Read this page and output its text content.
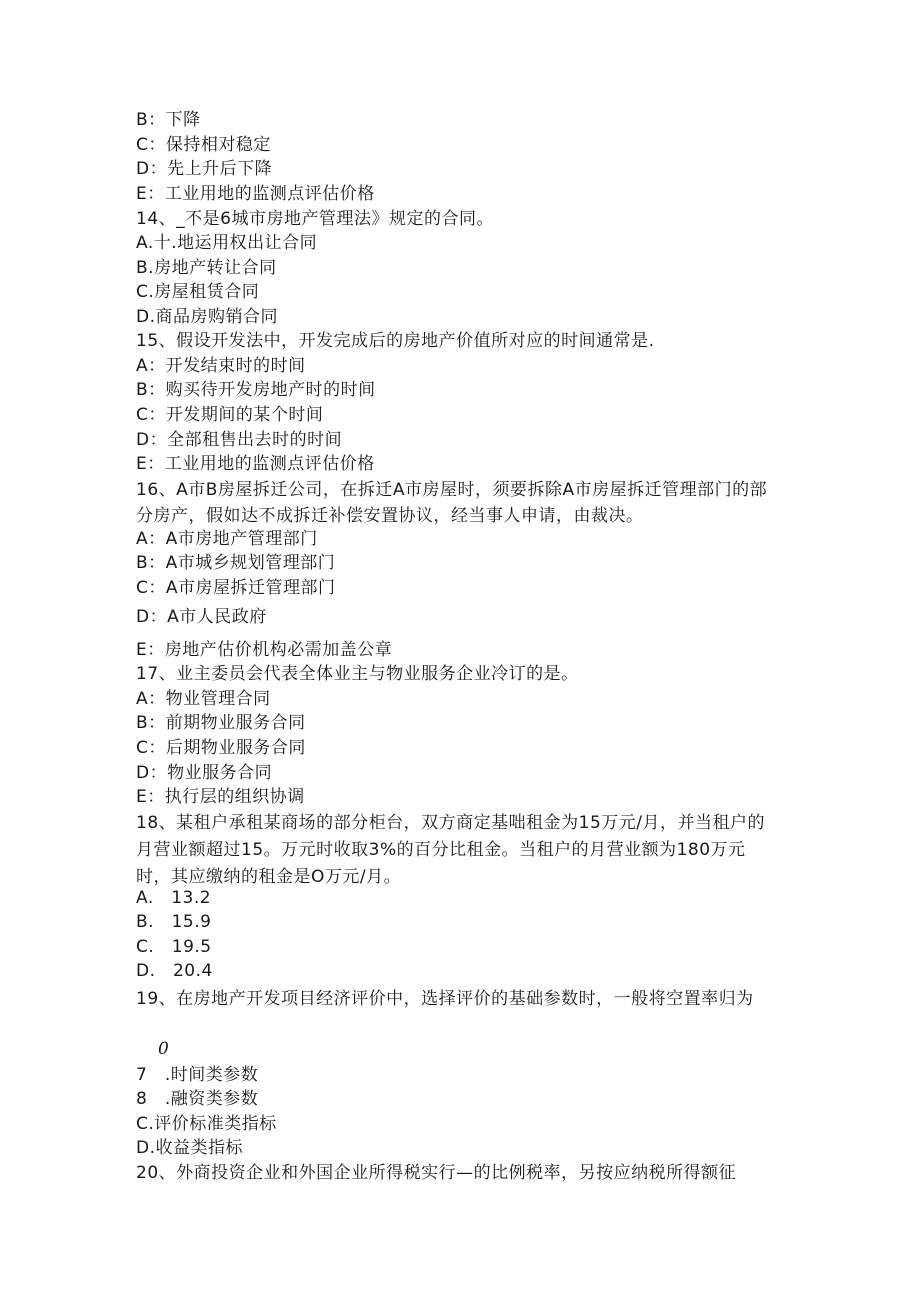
B：下降
C：保持相对稳定
D：先上升后下降
E：工业用地的监测点评估价格
14、_不是6城市房地产管理法》规定的合同。
A.十.地运用权出让合同
B.房地产转让合同
C.房屋租赁合同
D.商品房购销合同
15、假设开发法中，开发完成后的房地产价值所对应的时间通常是.
A：开发结束时的时间
B：购买待开发房地产时的时间
C：开发期间的某个时间
D：全部租售出去时的时间
E：工业用地的监测点评估价格
16、A市B房屋拆迁公司，在拆迁A市房屋时，须要拆除A市房屋拆迁管理部门的部分房产，假如达不成拆迁补偿安置协议，经当事人申请，由裁决。
A：A市房地产管理部门
B：A市城乡规划管理部门
C：A市房屋拆迁管理部门
D：A市人民政府
E：房地产估价机构必需加盖公章
17、业主委员会代表全体业主与物业服务企业冷订的是。
A：物业管理合同
B：前期物业服务合同
C：后期物业服务合同
D：物业服务合同
E：执行层的组织协调
18、某租户承租某商场的部分柜台，双方商定基咄租金为15万元/月，并当租户的月营业额超过15。万元时收取3%的百分比租金。当租户的月营业额为180万元时，其应缴纳的租金是O万元/月。
A.　13.2
B.　15.9
C.　19.5
D.　20.4
19、在房地产开发项目经济评价中，选择评价的基础参数时，一般将空置率归为
0
7　.时间类参数
8　.融资类参数
C.评价标准类指标
D.收益类指标
20、外商投资企业和外国企业所得税实行—的比例税率，另按应纳税所得额征
